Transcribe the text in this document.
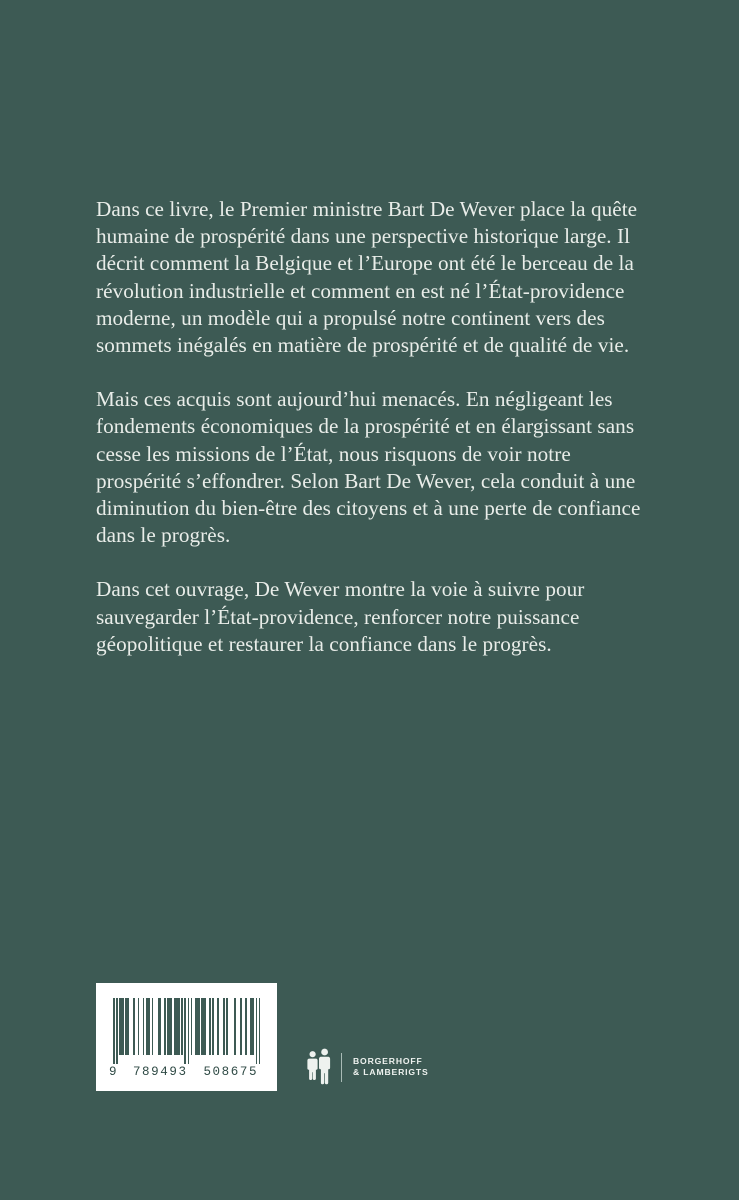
Dans ce livre, le Premier ministre Bart De Wever place la quête humaine de prospérité dans une perspective historique large. Il décrit comment la Belgique et l’Europe ont été le berceau de la révolution industrielle et comment en est né l’État-providence moderne, un modèle qui a propulsé notre continent vers des sommets inégalés en matière de prospérité et de qualité de vie.

Mais ces acquis sont aujourd’hui menacés. En négligeant les fondements économiques de la prospérité et en élargissant sans cesse les missions de l’État, nous risquons de voir notre prospérité s’effondrer. Selon Bart De Wever, cela conduit à une diminution du bien-être des citoyens et à une perte de confiance dans le progrès.

Dans cet ouvrage, De Wever montre la voie à suivre pour sauvegarder l’État-providence, renforcer notre puissance géopolitique et restaurer la confiance dans le progrès.

9	789493	508675
BORGERHOFF
& LAMBERIGTS
